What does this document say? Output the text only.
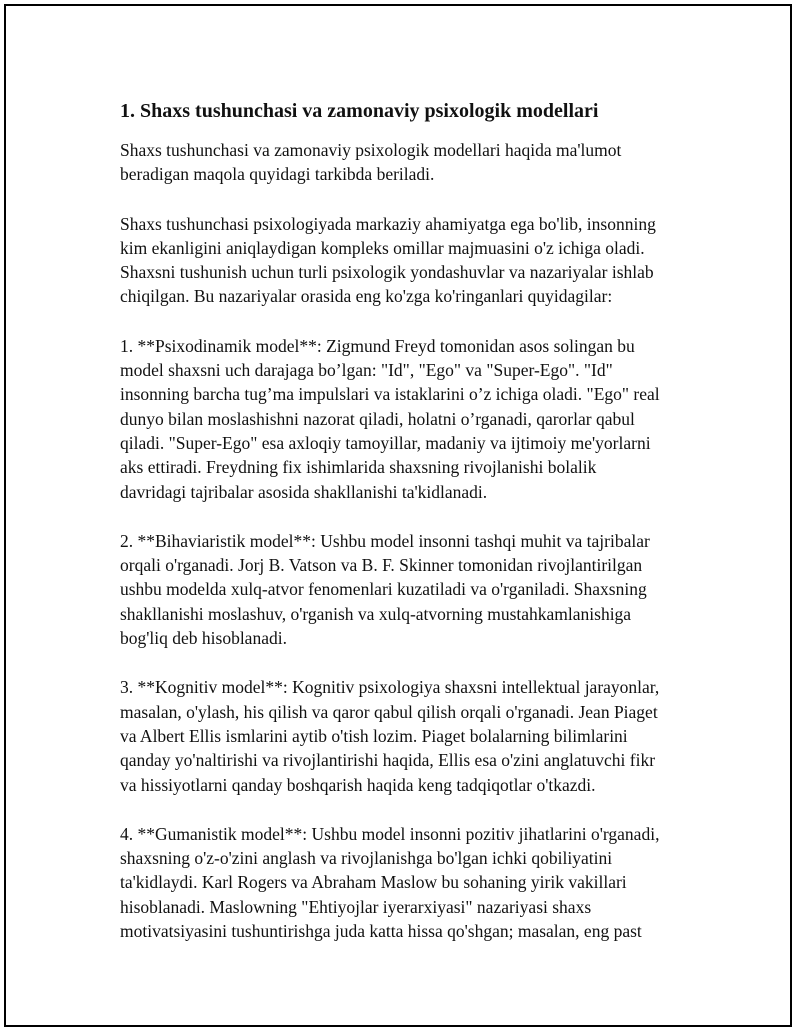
1. Shaxs tushunchasi va zamonaviy psixologik modellari

Shaxs tushunchasi va zamonaviy psixologik modellari haqida ma'lumot
beradigan maqola quyidagi tarkibda beriladi.

Shaxs tushunchasi psixologiyada markaziy ahamiyatga ega bo'lib, insonning
kim ekanligini aniqlaydigan kompleks omillar majmuasini o'z ichiga oladi.
Shaxsni tushunish uchun turli psixologik yondashuvlar va nazariyalar ishlab
chiqilgan. Bu nazariyalar orasida eng ko'zga ko'ringanlari quyidagilar:

1. **Psixodinamik model**: Zigmund Freyd tomonidan asos solingan bu
model shaxsni uch darajaga bo’lgan: "Id", "Ego" va "Super-Ego". "Id"
insonning barcha tug’ma impulslari va istaklarini o’z ichiga oladi. "Ego" real
dunyo bilan moslashishni nazorat qiladi, holatni o’rganadi, qarorlar qabul
qiladi. "Super-Ego" esa axloqiy tamoyillar, madaniy va ijtimoiy me'yorlarni
aks ettiradi. Freydning fix ishimlarida shaxsning rivojlanishi bolalik
davridagi tajribalar asosida shakllanishi ta'kidlanadi.

2. **Bihaviaristik model**: Ushbu model insonni tashqi muhit va tajribalar
orqali o'rganadi. Jorj B. Vatson va B. F. Skinner tomonidan rivojlantirilgan
ushbu modelda xulq-atvor fenomenlari kuzatiladi va o'rganiladi. Shaxsning
shakllanishi moslashuv, o'rganish va xulq-atvorning mustahkamlanishiga
bog'liq deb hisoblanadi.

3. **Kognitiv model**: Kognitiv psixologiya shaxsni intellektual jarayonlar,
masalan, o'ylash, his qilish va qaror qabul qilish orqali o'rganadi. Jean Piaget
va Albert Ellis ismlarini aytib o'tish lozim. Piaget bolalarning bilimlarini
qanday yo'naltirishi va rivojlantirishi haqida, Ellis esa o'zini anglatuvchi fikr
va hissiyotlarni qanday boshqarish haqida keng tadqiqotlar o'tkazdi.

4. **Gumanistik model**: Ushbu model insonni pozitiv jihatlarini o'rganadi,
shaxsning o'z-o'zini anglash va rivojlanishga bo'lgan ichki qobiliyatini
ta'kidlaydi. Karl Rogers va Abraham Maslow bu sohaning yirik vakillari
hisoblanadi. Maslowning "Ehtiyojlar iyerarxiyasi" nazariyasi shaxs
motivatsiyasini tushuntirishga juda katta hissa qo'shgan; masalan, eng past
